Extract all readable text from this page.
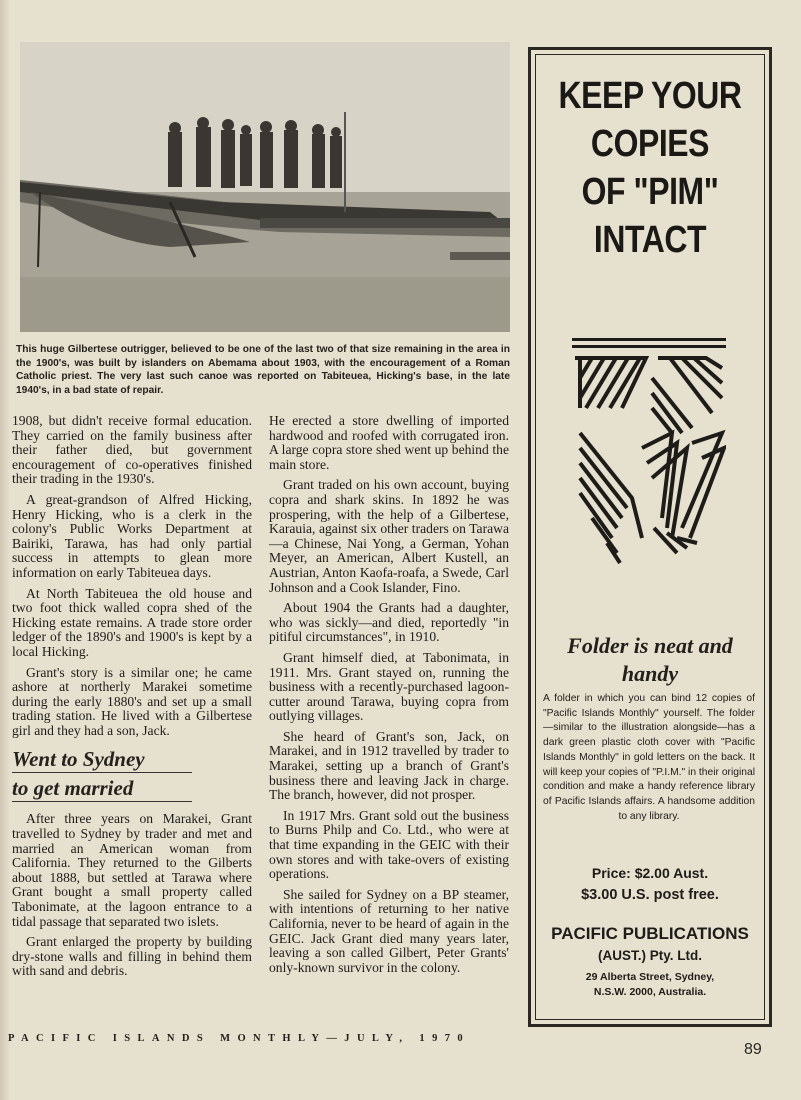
This huge Gilbertese outrigger, believed to be one of the last two of that size remaining in the area in the 1900's, was built by islanders on Abemama about 1903, with the encouragement of a Roman Catholic priest. The very last such canoe was reported on Tabiteuea, Hicking's base, in the late 1940's, in a bad state of repair.

1908, but didn't receive formal education. They carried on the family business after their father died, but government encouragement of co-operatives finished their trading in the 1930's.

A great-grandson of Alfred Hicking, Henry Hicking, who is a clerk in the colony's Public Works Department at Bairiki, Tarawa, has had only partial success in attempts to glean more information on early Tabiteuea days.

At North Tabiteuea the old house and two foot thick walled copra shed of the Hicking estate remains. A trade store order ledger of the 1890's and 1900's is kept by a local Hicking.

Grant's story is a similar one; he came ashore at northerly Marakei sometime during the early 1880's and set up a small trading station. He lived with a Gilbertese girl and they had a son, Jack.

Went to Sydney
to get married

After three years on Marakei, Grant travelled to Sydney by trader and met and married an American woman from California. They returned to the Gilberts about 1888, but settled at Tarawa where Grant bought a small property called Tabonimate, at the lagoon entrance to a tidal passage that separated two islets.

Grant enlarged the property by building dry-stone walls and filling in behind them with sand and debris.

He erected a store dwelling of imported hardwood and roofed with corrugated iron. A large copra store shed went up behind the main store.

Grant traded on his own account, buying copra and shark skins. In 1892 he was prospering, with the help of a Gilbertese, Karauia, against six other traders on Tarawa—a Chinese, Nai Yong, a German, Yohan Meyer, an American, Albert Kustell, an Austrian, Anton Kaofa-roafa, a Swede, Carl Johnson and a Cook Islander, Fino.

About 1904 the Grants had a daughter, who was sickly—and died, reportedly "in pitiful circumstances", in 1910.

Grant himself died, at Tabonimata, in 1911. Mrs. Grant stayed on, running the business with a recently-purchased lagoon-cutter around Tarawa, buying copra from outlying villages.

She heard of Grant's son, Jack, on Marakei, and in 1912 travelled by trader to Marakei, setting up a branch of Grant's business there and leaving Jack in charge. The branch, however, did not prosper.

In 1917 Mrs. Grant sold out the business to Burns Philp and Co. Ltd., who were at that time expanding in the GEIC with their own stores and with take-overs of existing operations.

She sailed for Sydney on a BP steamer, with intentions of returning to her native California, never to be heard of again in the GEIC. Jack Grant died many years later, leaving a son called Gilbert, Peter Grants' only-known survivor in the colony.

KEEP YOUR
COPIES
OF "PIM"
INTACT
Folder is neat and
handy
A folder in which you can bind 12 copies of "Pacific Islands Monthly" yourself. The folder—similar to the illustration alongside—has a dark green plastic cloth cover with "Pacific Islands Monthly" in gold letters on the back. It will keep your copies of "P.I.M." in their original condition and make a handy reference library of Pacific Islands affairs. A handsome addition to any library.
Price: $2.00 Aust.
$3.00 U.S. post free.
PACIFIC PUBLICATIONS
(AUST.) Pty. Ltd.
29 Alberta Street, Sydney,
N.S.W. 2000, Australia.
PACIFIC ISLANDS MONTHLY—JULY, 1970
89
